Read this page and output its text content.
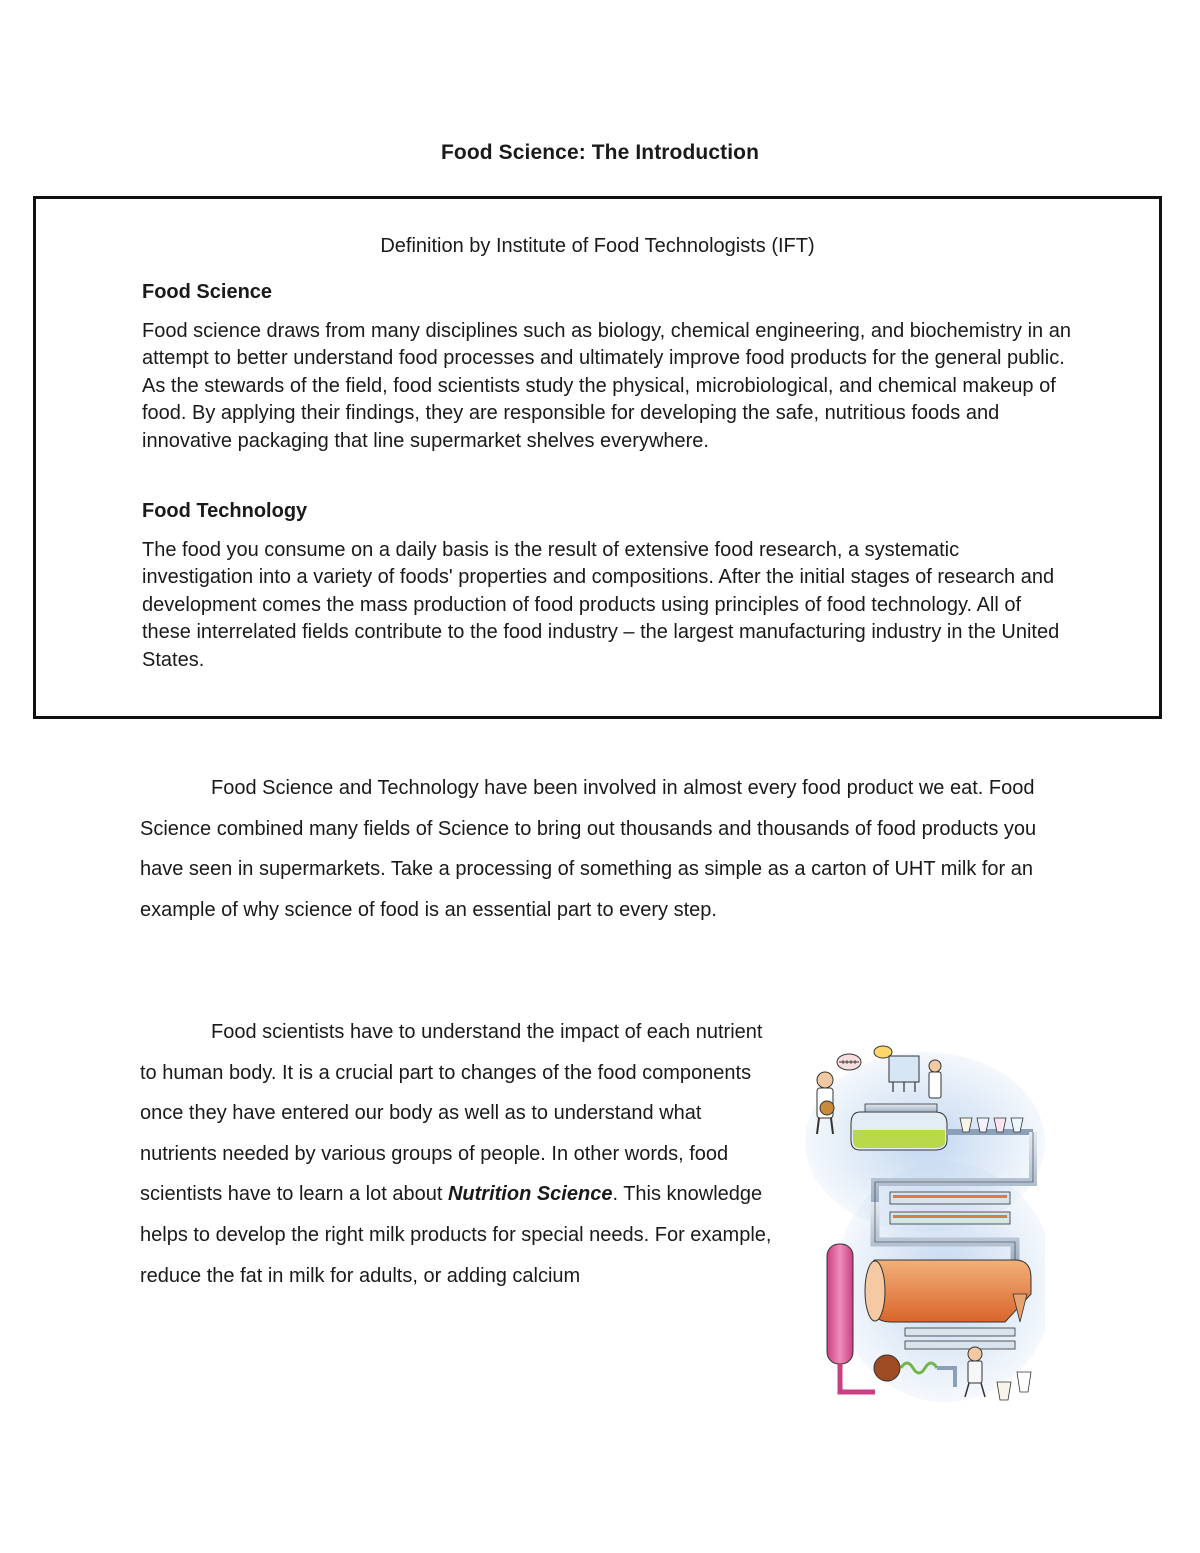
Food Science: The Introduction

Definition by Institute of Food Technologists (IFT)

Food Science

Food science draws from many disciplines such as biology, chemical engineering, and biochemistry in an attempt to better understand food processes and ultimately improve food products for the general public. As the stewards of the field, food scientists study the physical, microbiological, and chemical makeup of food. By applying their findings, they are responsible for developing the safe, nutritious foods and innovative packaging that line supermarket shelves everywhere.

Food Technology

The food you consume on a daily basis is the result of extensive food research, a systematic investigation into a variety of foods' properties and compositions. After the initial stages of research and development comes the mass production of food products using principles of food technology. All of these interrelated fields contribute to the food industry – the largest manufacturing industry in the United States.

Food Science and Technology have been involved in almost every food product we eat. Food Science combined many fields of Science to bring out thousands and thousands of food products you have seen in supermarkets. Take a processing of something as simple as a carton of UHT milk for an example of why science of food is an essential part to every step.

Food scientists have to understand the impact of each nutrient to human body. It is a crucial part to changes of the food components once they have entered our body as well as to understand what nutrients needed by various groups of people. In other words, food scientists have to learn a lot about Nutrition Science. This knowledge helps to develop the right milk products for special needs. For example, reduce the fat in milk for adults, or adding calcium
